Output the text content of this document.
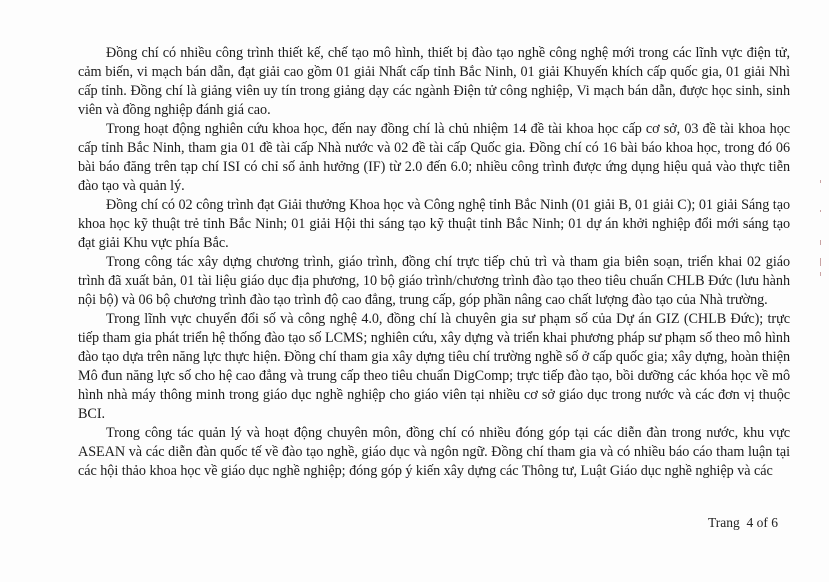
Đồng chí có nhiều công trình thiết kế, chế tạo mô hình, thiết bị đào tạo nghề công nghệ mới trong các lĩnh vực điện tử, cảm biến, vi mạch bán dẫn, đạt giải cao gồm 01 giải Nhất cấp tỉnh Bắc Ninh, 01 giải Khuyến khích cấp quốc gia, 01 giải Nhì cấp tỉnh. Đồng chí là giảng viên uy tín trong giảng dạy các ngành Điện tử công nghiệp, Vi mạch bán dẫn, được học sinh, sinh viên và đồng nghiệp đánh giá cao.

Trong hoạt động nghiên cứu khoa học, đến nay đồng chí là chủ nhiệm 14 đề tài khoa học cấp cơ sở, 03 đề tài khoa học cấp tỉnh Bắc Ninh, tham gia 01 đề tài cấp Nhà nước và 02 đề tài cấp Quốc gia. Đồng chí có 16 bài báo khoa học, trong đó 06 bài báo đăng trên tạp chí ISI có chỉ số ảnh hưởng (IF) từ 2.0 đến 6.0; nhiều công trình được ứng dụng hiệu quả vào thực tiễn đào tạo và quản lý.

Đồng chí có 02 công trình đạt Giải thưởng Khoa học và Công nghệ tỉnh Bắc Ninh (01 giải B, 01 giải C); 01 giải Sáng tạo khoa học kỹ thuật trẻ tỉnh Bắc Ninh; 01 giải Hội thi sáng tạo kỹ thuật tỉnh Bắc Ninh; 01 dự án khởi nghiệp đổi mới sáng tạo đạt giải Khu vực phía Bắc.

Trong công tác xây dựng chương trình, giáo trình, đồng chí trực tiếp chủ trì và tham gia biên soạn, triển khai 02 giáo trình đã xuất bản, 01 tài liệu giáo dục địa phương, 10 bộ giáo trình/chương trình đào tạo theo tiêu chuẩn CHLB Đức (lưu hành nội bộ) và 06 bộ chương trình đào tạo trình độ cao đẳng, trung cấp, góp phần nâng cao chất lượng đào tạo của Nhà trường.

Trong lĩnh vực chuyển đổi số và công nghệ 4.0, đồng chí là chuyên gia sư phạm số của Dự án GIZ (CHLB Đức); trực tiếp tham gia phát triển hệ thống đào tạo số LCMS; nghiên cứu, xây dựng và triển khai phương pháp sư phạm số theo mô hình đào tạo dựa trên năng lực thực hiện. Đồng chí tham gia xây dựng tiêu chí trường nghề số ở cấp quốc gia; xây dựng, hoàn thiện Mô đun năng lực số cho hệ cao đẳng và trung cấp theo tiêu chuẩn DigComp; trực tiếp đào tạo, bồi dưỡng các khóa học về mô hình nhà máy thông minh trong giáo dục nghề nghiệp cho giáo viên tại nhiều cơ sở giáo dục trong nước và các đơn vị thuộc BCI.

Trong công tác quản lý và hoạt động chuyên môn, đồng chí có nhiều đóng góp tại các diễn đàn trong nước, khu vực ASEAN và các diễn đàn quốc tế về đào tạo nghề, giáo dục và ngôn ngữ. Đồng chí tham gia và có nhiều báo cáo tham luận tại các hội thảo khoa học về giáo dục nghề nghiệp; đóng góp ý kiến xây dựng các Thông tư, Luật Giáo dục nghề nghiệp và các

Trang  4 of 6
